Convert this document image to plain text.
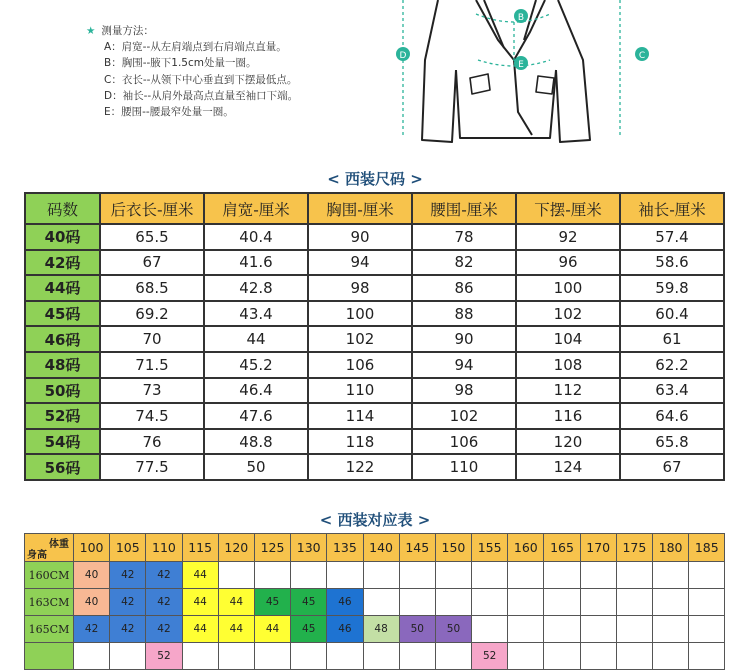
★ 测量方法：
A：肩宽--从左肩端点到右肩端点直量。
B：胸围--腋下1.5cm处量一圈。
C：衣长--从领下中心垂直到下摆最低点。
D：袖长--从肩外最高点直量至袖口下端。
E：腰围--腰最窄处量一圈。
D	C
B
E
< 西装尺码 >
码数	后衣长-厘米	肩宽-厘米	胸围-厘米	腰围-厘米	下摆-厘米	袖长-厘米
40码	65.5	40.4	90	78	92	57.4
42码	67	41.6	94	82	96	58.6
44码	68.5	42.8	98	86	100	59.8
45码	69.2	43.4	100	88	102	60.4
46码	70	44	102	90	104	61
48码	71.5	45.2	106	94	108	62.2
50码	73	46.4	110	98	112	63.4
52码	74.5	47.6	114	102	116	64.6
54码	76	48.8	118	106	120	65.8
56码	77.5	50	122	110	124	67
< 西装对应表 >
体重
身高	100	105	110	115	120	125	130	135	140	145	150	155	160	165	170	175	180	185
160CM	40	42	42	44														
163CM	40	42	42	44	44	45	45	46										
165CM	42	42	42	44	44	44	45	46	48	50	50							
			52									52						
